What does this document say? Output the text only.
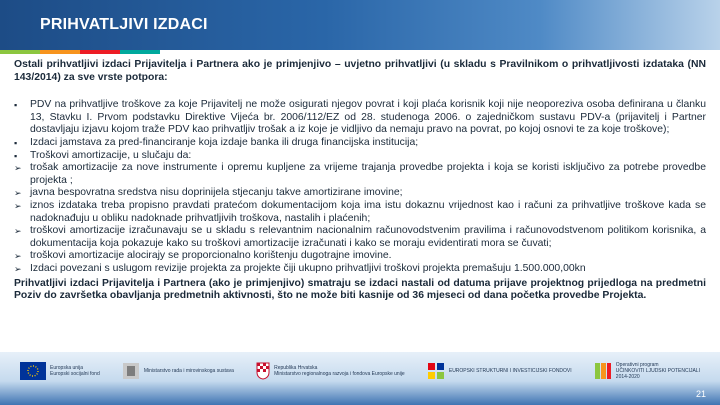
PRIHVATLJIVI IZDACI

Ostali prihvatljivi izdaci Prijavitelja i Partnera ako je primjenjivo – uvjetno prihvatljivi (u skladu s Pravilnikom o prihvatljivosti izdataka (NN 143/2014) za sve vrste potpora:

▪	PDV na prihvatljive troškove za koje Prijavitelj ne može osigurati njegov povrat i koji plaća korisnik koji nije neoporeziva osoba definirana u članku 13, Stavku I. Prvom podstavku Direktive Vijeća br. 2006/112/EZ od 28. studenoga 2006. o zajedničkom sustavu PDV-a (prijavitelj i Partner dostavljaju izjavu kojom traže PDV kao prihvatljiv trošak a iz koje je vidljivo da nemaju pravo na povrat, po kojoj osnovi te za koje troškove);
▪	Izdaci jamstava za pred-financiranje koja izdaje banka ili druga financijska institucija;
▪	Troškovi amortizacije, u slučaju da:
➢ trošak amortizacije za nove instrumente i opremu kupljene za vrijeme trajanja provedbe projekta i koja se koristi isključivo za potrebe provedbe projekta ;
➢ javna bespovratna sredstva nisu doprinijela stjecanju takve amortizirane imovine;
➢ iznos izdataka treba propisno pravdati pratećom dokumentacijom koja ima istu dokaznu vrijednost kao i računi za prihvatljive troškove kada se nadoknađuju u obliku nadoknade prihvatljivih troškova, nastalih i plaćenih;
➢ troškovi amortizacije izračunavaju se u skladu s relevantnim nacionalnim računovodstvenim pravilima i računovodstvenom politikom korisnika, a dokumentacija koja pokazuje kako su troškovi amortizacije izračunati i kako se moraju evidentirati mora se čuvati;
➢ troškovi amortizacije alocirају se proporcionalno korištenju dugotrajne imovine.
➢ Izdaci povezani s uslugom revizije projekta za projekte čiji ukupno prihvatljivi troškovi projekta premašuju 1.500.000,00kn

Prihvatljivi izdaci Prijavitelja i Partnera (ako je primjenjivo) smatraju se izdaci nastali od datuma prijave projektnog prijedloga na predmetni Poziv do završetka obavljanja predmetnih aktivnosti, što ne može biti kasnije od 36 mjeseci od dana početka provedbe Projekta.

Europska unija
Europski socijalni fond	Ministarstvo rada i mirovinskoga sustava	Republika Hrvatska
Ministarstvo regionalnoga razvoja i fondova Europske unije	EUROPSKI STRUKTURNI I INVESTICIJSKI FONDOVI
Operativni program
UČINKOVITI LJUDSKI POTENCIJALI
2014-2020
21
